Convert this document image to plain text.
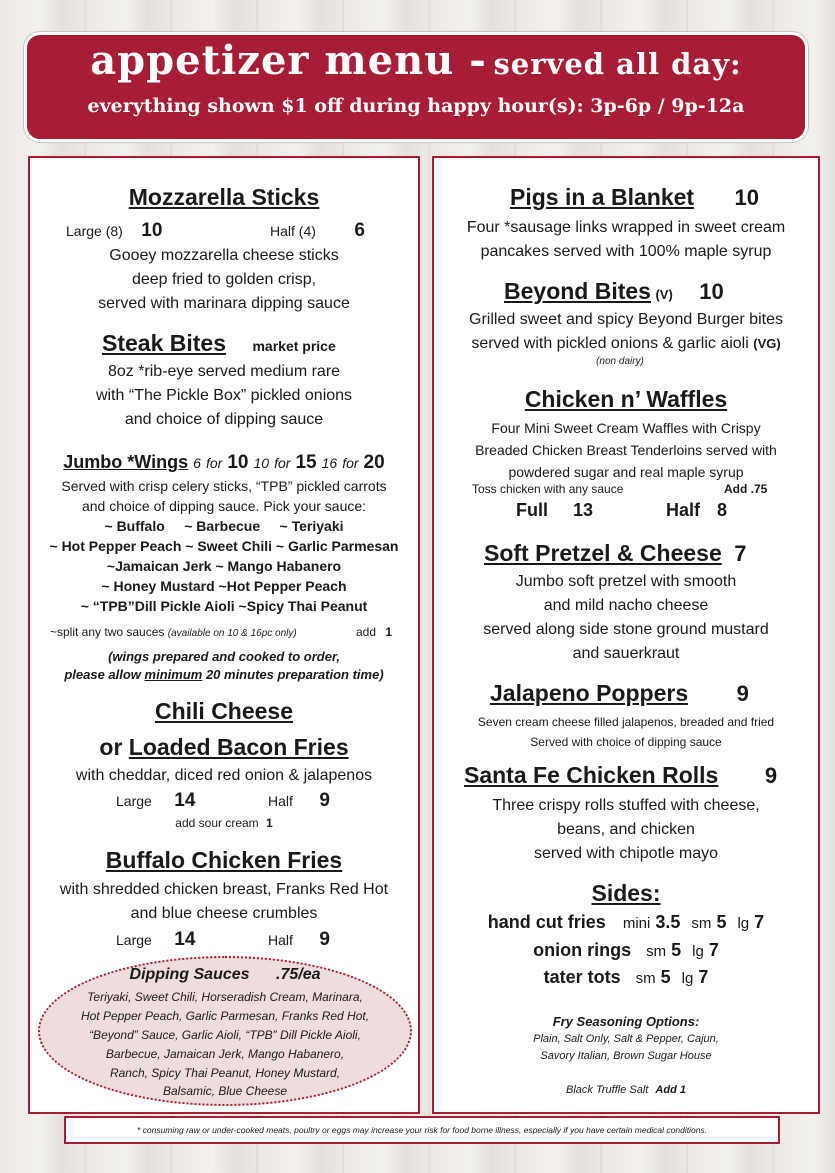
appetizer menu - served all day:
everything shown $1 off during happy hour(s): 3p-6p / 9p-12a
Mozzarella Sticks
Large (8) 10	Half (4) 6
Gooey mozzarella cheese sticks
deep fried to golden crisp,
served with marinara dipping sauce
Steak Bites market price
8oz *rib-eye served medium rare
with “The Pickle Box” pickled onions
and choice of dipping sauce
Jumbo *Wings 6 for 10 10 for 15 16 for 20
Served with crisp celery sticks, “TPB” pickled carrots
and choice of dipping sauce. Pick your sauce:
~ Buffalo     ~ Barbecue     ~ Teriyaki
~ Hot Pepper Peach ~ Sweet Chili ~ Garlic Parmesan
~Jamaican Jerk ~ Mango Habanero
~ Honey Mustard ~Hot Pepper Peach
~ “TPB”Dill Pickle Aioli ~Spicy Thai Peanut
~split any two sauces (available on 10 & 16pc only)	add 1
(wings prepared and cooked to order,
please allow minimum 20 minutes preparation time)
Chili Cheese
or Loaded Bacon Fries
with cheddar, diced red onion & jalapenos
Large 14	Half 9
add sour cream 1
Buffalo Chicken Fries
with shredded chicken breast, Franks Red Hot
and blue cheese crumbles
Large 14	Half 9
Dipping Sauces .75/ea
Teriyaki, Sweet Chili, Horseradish Cream, Marinara,
Hot Pepper Peach, Garlic Parmesan, Franks Red Hot,
“Beyond” Sauce, Garlic Aioli, “TPB” Dill Pickle Aioli,
Barbecue, Jamaican Jerk, Mango Habanero,
Ranch, Spicy Thai Peanut, Honey Mustard,
Balsamic, Blue Cheese
Pigs in a Blanket 10
Four *sausage links wrapped in sweet cream
pancakes served with 100% maple syrup
Beyond Bites (V) 10
Grilled sweet and spicy Beyond Burger bites
served with pickled onions & garlic aioli (VG)
(non dairy)
Chicken n’ Waffles
Four Mini Sweet Cream Waffles with Crispy
Breaded Chicken Breast Tenderloins served with
powdered sugar and real maple syrup
Toss chicken with any sauce	Add .75
Full 13	Half 8
Soft Pretzel & Cheese 7
Jumbo soft pretzel with smooth
and mild nacho cheese
served along side stone ground mustard
and sauerkraut
Jalapeno Poppers 9
Seven cream cheese filled jalapenos, breaded and fried
Served with choice of dipping sauce
Santa Fe Chicken Rolls 9
Three crispy rolls stuffed with cheese,
beans, and chicken
served with chipotle mayo
Sides:
hand cut fries mini 3.5 sm 5 lg 7
onion rings sm 5 lg 7
tater tots sm 5 lg 7
Fry Seasoning Options:
Plain, Salt Only, Salt & Pepper, Cajun,
Savory Italian, Brown Sugar House
Black Truffle Salt Add 1
* consuming raw or under-cooked meats, poultry or eggs may increase your risk for food borne illness, especially if you have certain medical conditions.
